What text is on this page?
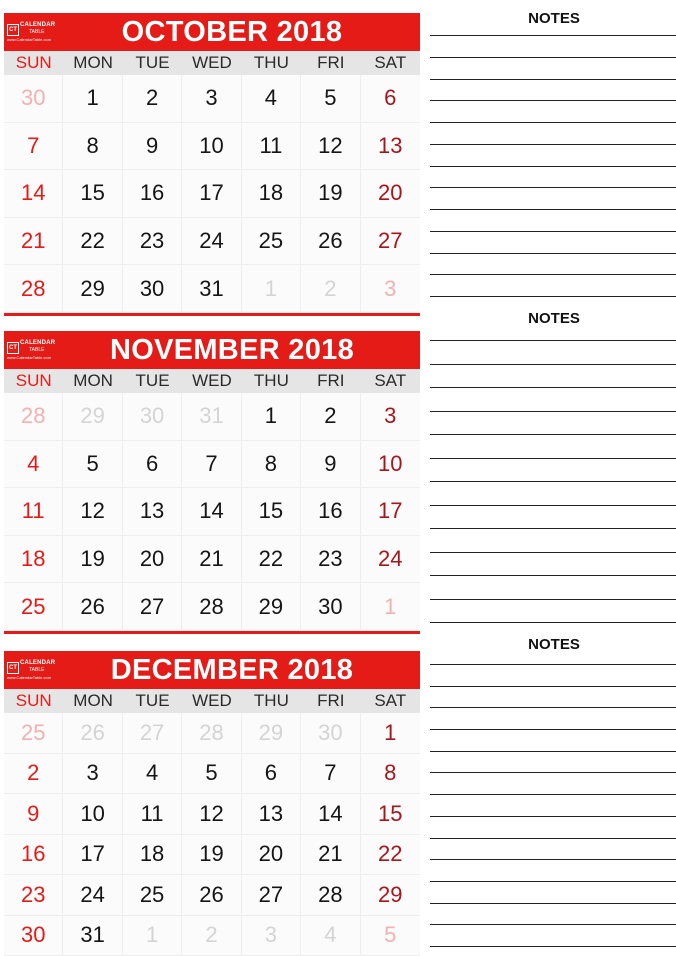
CT
CALENDAR
TABLE
www.CalendarTable.com	OCTOBER 2018
SUN	MON	TUE	WED	THU	FRI	SAT
30	1	2	3	4	5	6
7	8	9	10	11	12	13
14	15	16	17	18	19	20
21	22	23	24	25	26	27
28	29	30	31	1	2	3
CT
CALENDAR
TABLE
www.CalendarTable.com	NOVEMBER 2018
SUN	MON	TUE	WED	THU	FRI	SAT
28	29	30	31	1	2	3
4	5	6	7	8	9	10
11	12	13	14	15	16	17
18	19	20	21	22	23	24
25	26	27	28	29	30	1
CT
CALENDAR
TABLE
www.CalendarTable.com	DECEMBER 2018
SUN	MON	TUE	WED	THU	FRI	SAT
25	26	27	28	29	30	1
2	3	4	5	6	7	8
9	10	11	12	13	14	15
16	17	18	19	20	21	22
23	24	25	26	27	28	29
30	31	1	2	3	4	5
NOTES
NOTES
NOTES
